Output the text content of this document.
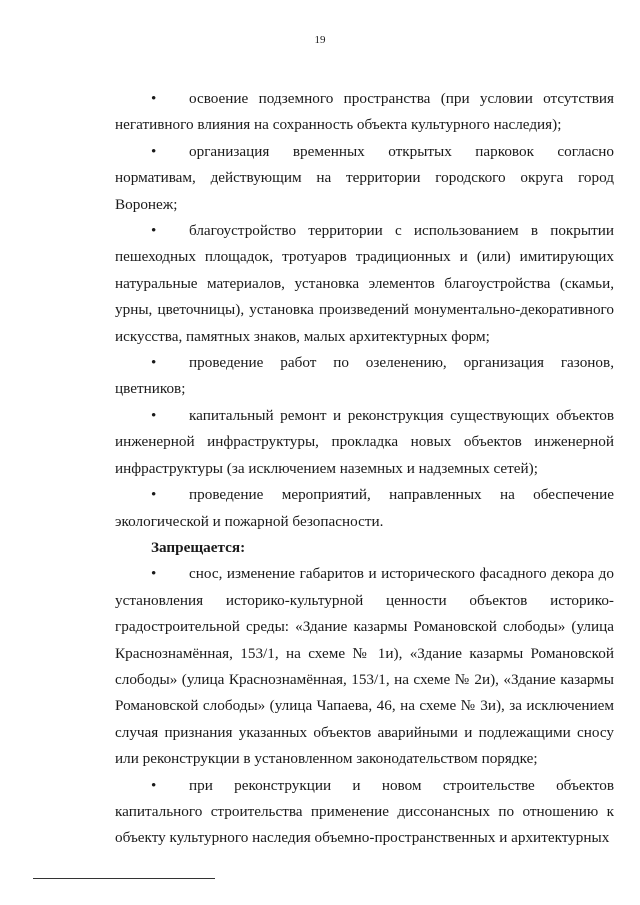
19

• освоение подземного пространства (при условии отсутствия негативного влияния на сохранность объекта культурного наследия);

• организация временных открытых парковок согласно нормативам, действующим на территории городского округа город Воронеж;

• благоустройство территории с использованием в покрытии пешеходных площадок, тротуаров традиционных и (или) имитирующих натуральные материалов, установка элементов благоустройства (скамьи, урны, цветочницы), установка произведений монументально-декоративного искусства, памятных знаков, малых архитектурных форм;

• проведение работ по озеленению, организация газонов, цветников;

• капитальный ремонт и реконструкция существующих объектов инженерной инфраструктуры, прокладка новых объектов инженерной инфраструктуры (за исключением наземных и надземных сетей);

• проведение мероприятий, направленных на обеспечение экологической и пожарной безопасности.

Запрещается:

• снос, изменение габаритов и исторического фасадного декора до установления историко-культурной ценности объектов историко-градостроительной среды: «Здание казармы Романовской слободы» (улица Краснознамённая, 153/1, на схеме № 1и), «Здание казармы Романовской слободы» (улица Краснознамённая, 153/1, на схеме № 2и), «Здание казармы Романовской слободы» (улица Чапаева, 46, на схеме № 3и), за исключением случая признания указанных объектов аварийными и подлежащими сносу или реконструкции в установленном законодательством порядке;

• при реконструкции и новом строительстве объектов капитального строительства применение диссонансных по отношению к объекту культурного наследия объемно-пространственных и архитектурных
